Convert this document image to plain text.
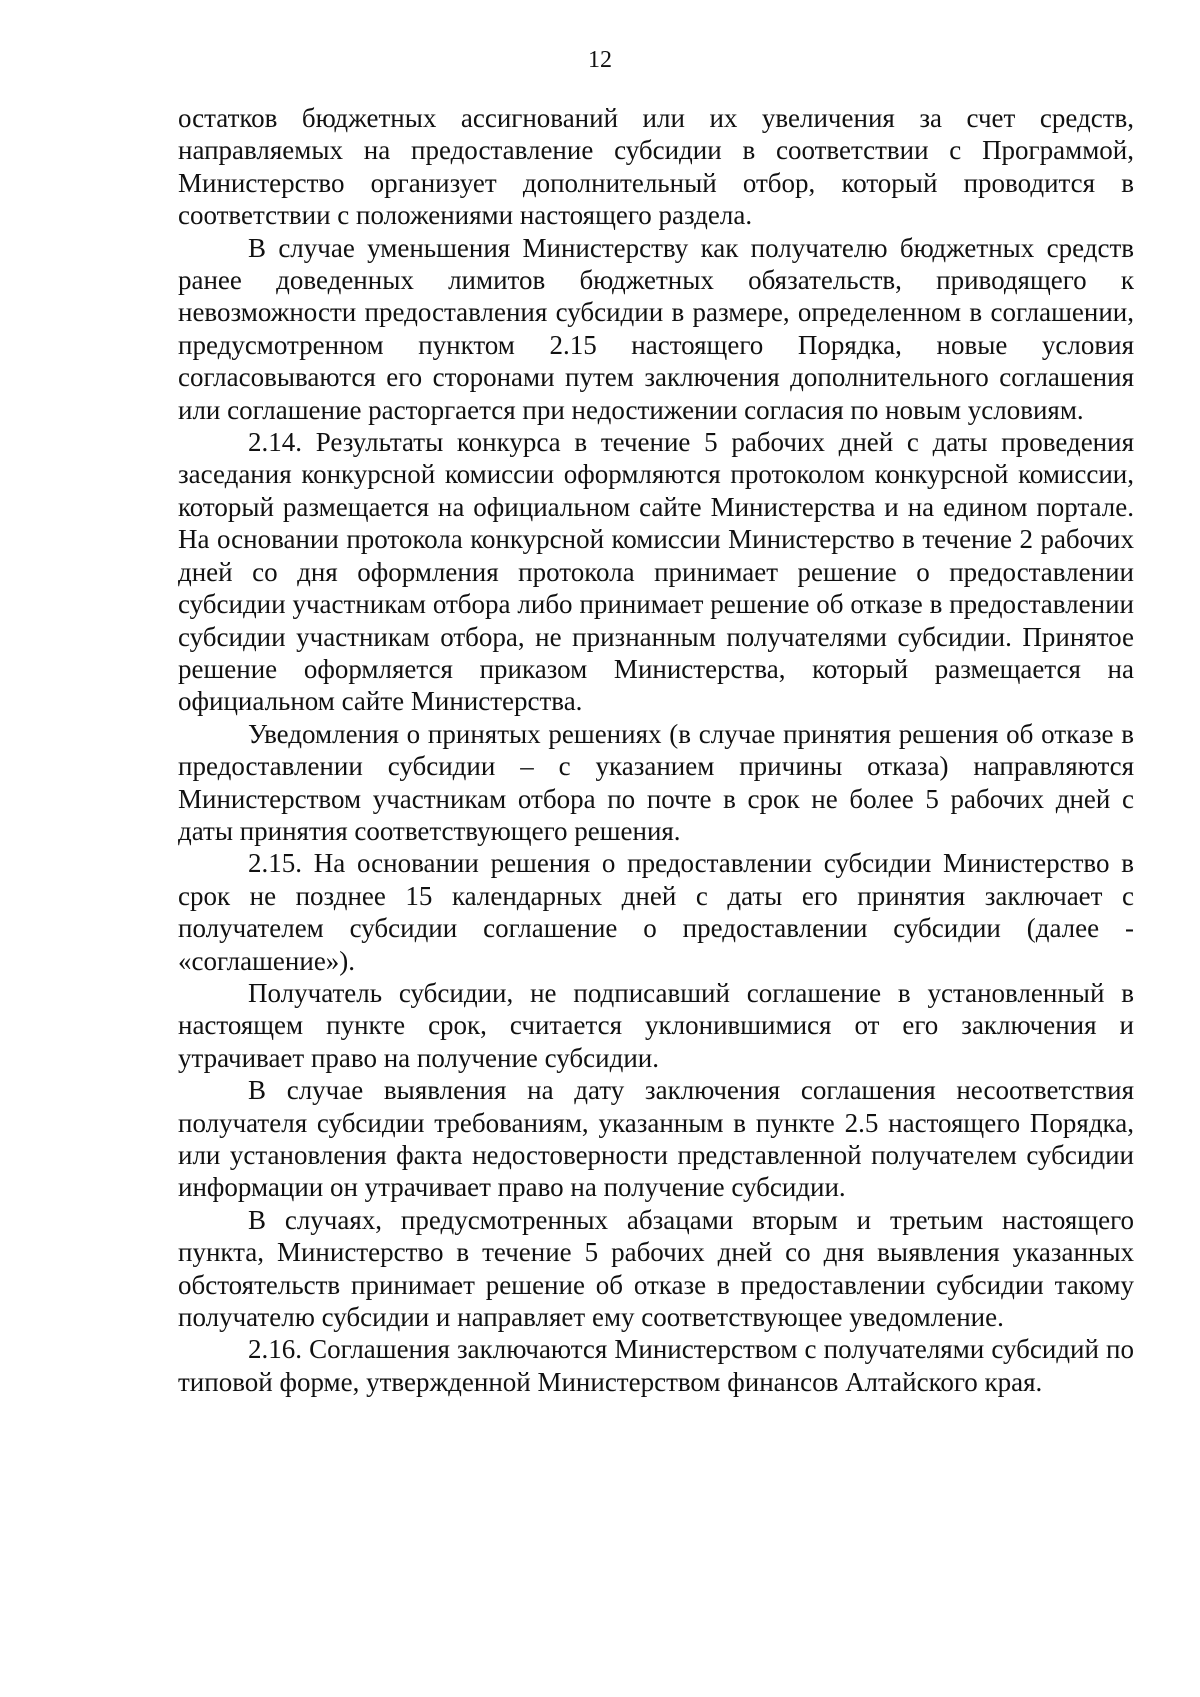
12

остатков бюджетных ассигнований или их увеличения за счет средств, направляемых на предоставление субсидии в соответствии с Программой, Министерство организует дополнительный отбор, который проводится в соответствии с положениями настоящего раздела.

В случае уменьшения Министерству как получателю бюджетных средств ранее доведенных лимитов бюджетных обязательств, приводящего к невозможности предоставления субсидии в размере, определенном в соглашении, предусмотренном пунктом 2.15 настоящего Порядка, новые условия согласовываются его сторонами путем заключения дополнительного соглашения или соглашение расторгается при недостижении согласия по новым условиям.

2.14. Результаты конкурса в течение 5 рабочих дней с даты проведения заседания конкурсной комиссии оформляются протоколом конкурсной комиссии, который размещается на официальном сайте Министерства и на едином портале. На основании протокола конкурсной комиссии Министерство в течение 2 рабочих дней со дня оформления протокола принимает решение о предоставлении субсидии участникам отбора либо принимает решение об отказе в предоставлении субсидии участникам отбора, не признанным получателями субсидии. Принятое решение оформляется приказом Министерства, который размещается на официальном сайте Министерства.

Уведомления о принятых решениях (в случае принятия решения об отказе в предоставлении субсидии – с указанием причины отказа) направляются Министерством участникам отбора по почте в срок не более 5 рабочих дней с даты принятия соответствующего решения.

2.15. На основании решения о предоставлении субсидии Министерство в срок не позднее 15 календарных дней с даты его принятия заключает с получателем субсидии соглашение о предоставлении субсидии (далее - «соглашение»).

Получатель субсидии, не подписавший соглашение в установленный в настоящем пункте срок, считается уклонившимися от его заключения и утрачивает право на получение субсидии.

В случае выявления на дату заключения соглашения несоответствия получателя субсидии требованиям, указанным в пункте 2.5 настоящего Порядка, или установления факта недостоверности представленной получателем субсидии информации он утрачивает право на получение субсидии.

В случаях, предусмотренных абзацами вторым и третьим настоящего пункта, Министерство в течение 5 рабочих дней со дня выявления указанных обстоятельств принимает решение об отказе в предоставлении субсидии такому получателю субсидии и направляет ему соответствующее уведомление.

2.16. Соглашения заключаются Министерством с получателями субсидий по типовой форме, утвержденной Министерством финансов Алтайского края.
